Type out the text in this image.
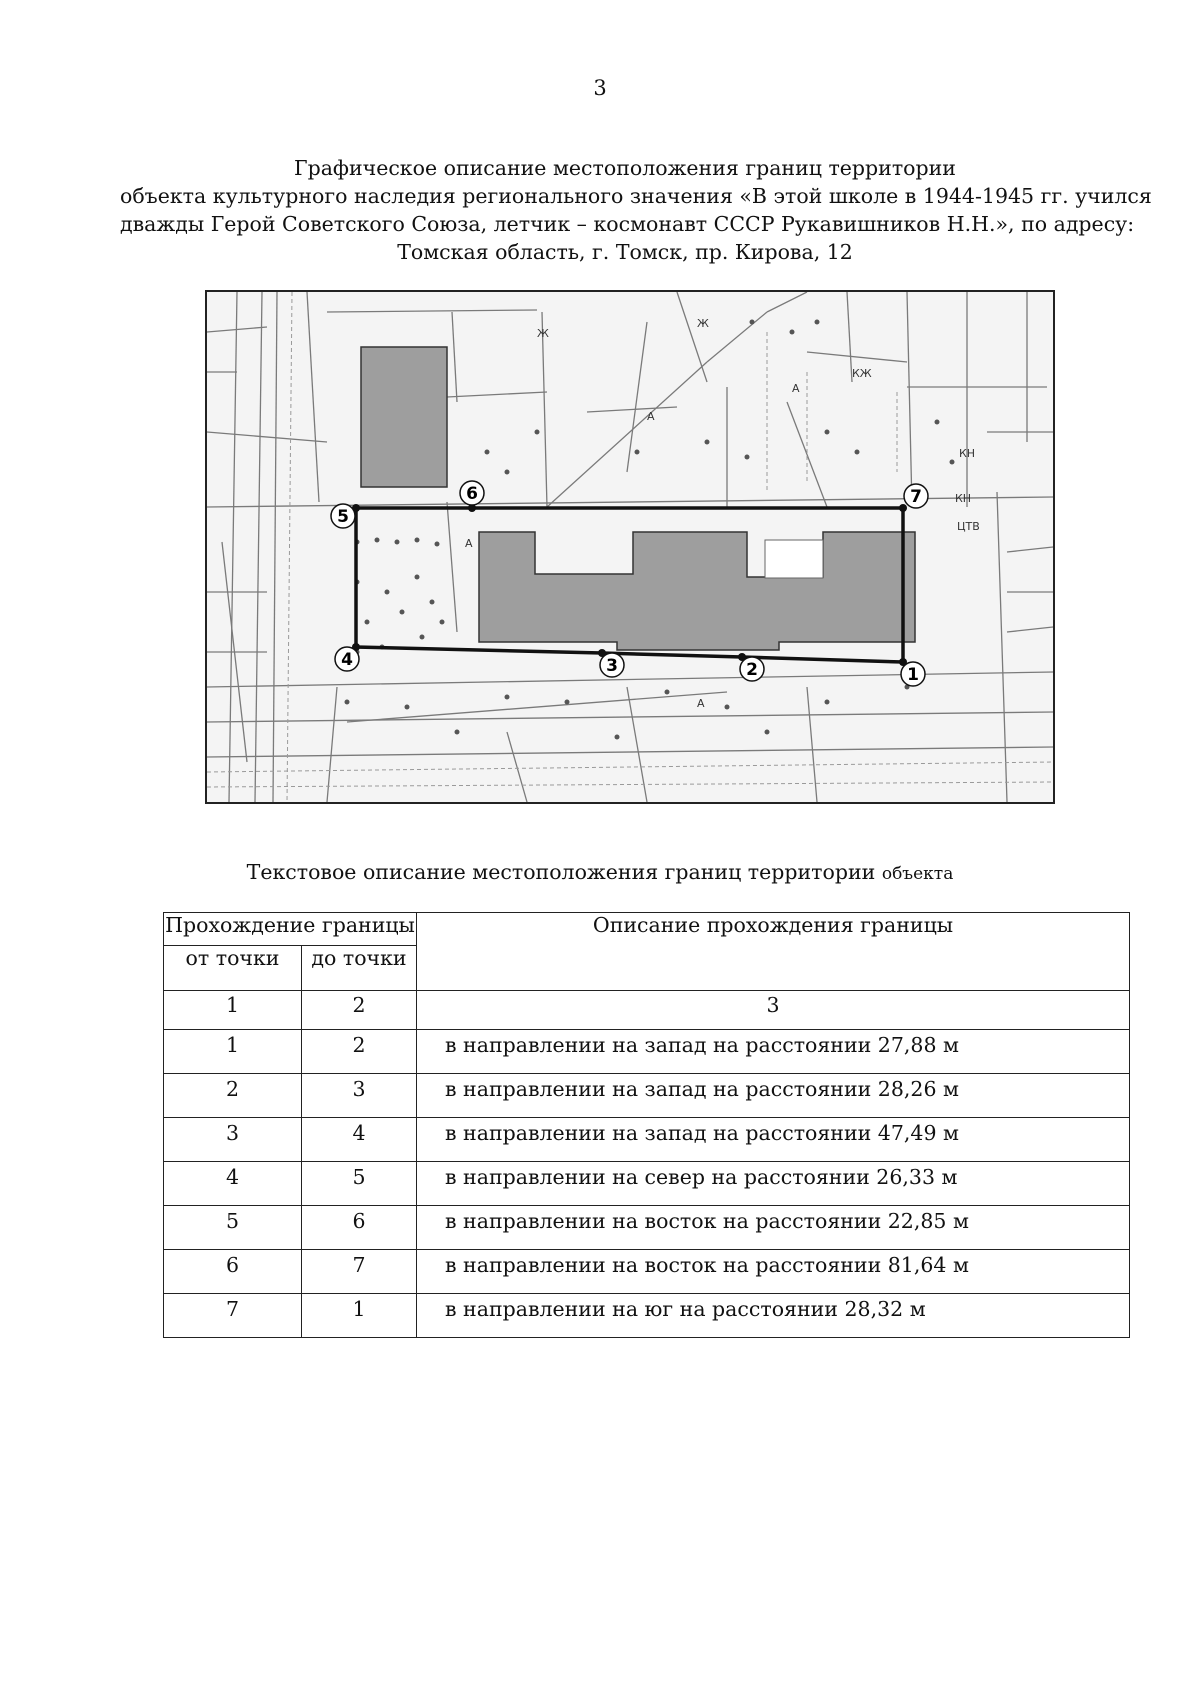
3
Графическое описание местоположения границ территории
объекта культурного наследия регионального значения «В этой школе в 1944-1945 гг. учился
дважды Герой Советского Союза, летчик – космонавт СССР Рукавишников Н.Н.», по адресу:
Томская область, г. Томск, пр. Кирова, 12
1
2
3
4
5
6	7
А
А
А
А
Ж
Ж
КЖ
КН
ЦТВ
КН
Текстовое описание местоположения границ территории объекта
Прохождение границы		Описание прохождения границы
от точки	до точки	
1	2	3
1	2	в направлении на запад на расстоянии 27,88 м
2	3	в направлении на запад на расстоянии 28,26 м
3	4	в направлении на запад на расстоянии 47,49 м
4	5	в направлении на север на расстоянии 26,33 м
5	6	в направлении на восток на расстоянии 22,85 м
6	7	в направлении на восток на расстоянии 81,64 м
7	1	в направлении на юг на расстоянии 28,32 м
